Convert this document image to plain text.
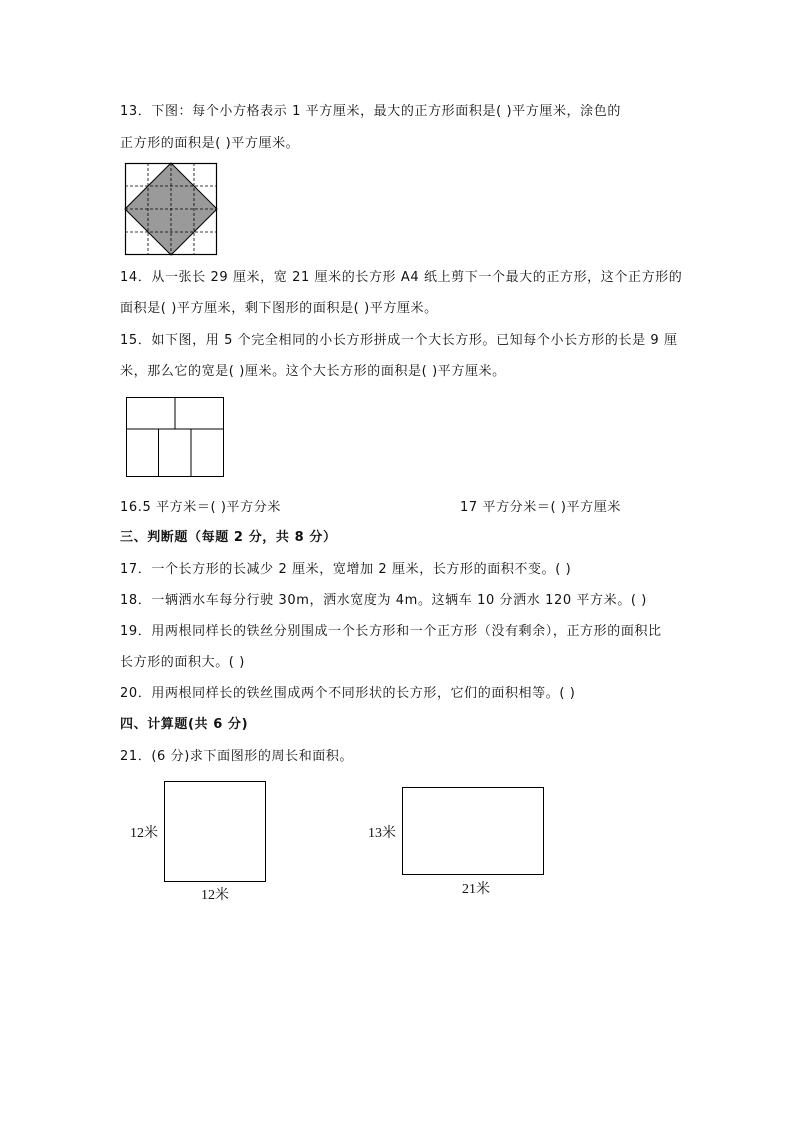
13．下图：每个小方格表示 1 平方厘米，最大的正方形面积是( )平方厘米，涂色的
正方形的面积是( )平方厘米。
14．从一张长 29 厘米，宽 21 厘米的长方形 A4 纸上剪下一个最大的正方形，这个正方形的
面积是( )平方厘米，剩下图形的面积是( )平方厘米。
15．如下图，用 5 个完全相同的小长方形拼成一个大长方形。已知每个小长方形的长是 9 厘
米，那么它的宽是( )厘米。这个大长方形的面积是( )平方厘米。
16.5 平方米＝( )平方分米	17 平方分米＝( )平方厘米
三、判断题（每题 2 分，共 8 分）
17．一个长方形的长减少 2 厘米，宽增加 2 厘米，长方形的面积不变。( )
18．一辆洒水车每分行驶 30m，洒水宽度为 4m。这辆车 10 分洒水 120 平方米。( )
19．用两根同样长的铁丝分别围成一个长方形和一个正方形（没有剩余），正方形的面积比
长方形的面积大。( )
20．用两根同样长的铁丝围成两个不同形状的长方形，它们的面积相等。( )
四、计算题(共 6 分)
21．(6 分)求下面图形的周长和面积。
12米
12米
13米
21米
